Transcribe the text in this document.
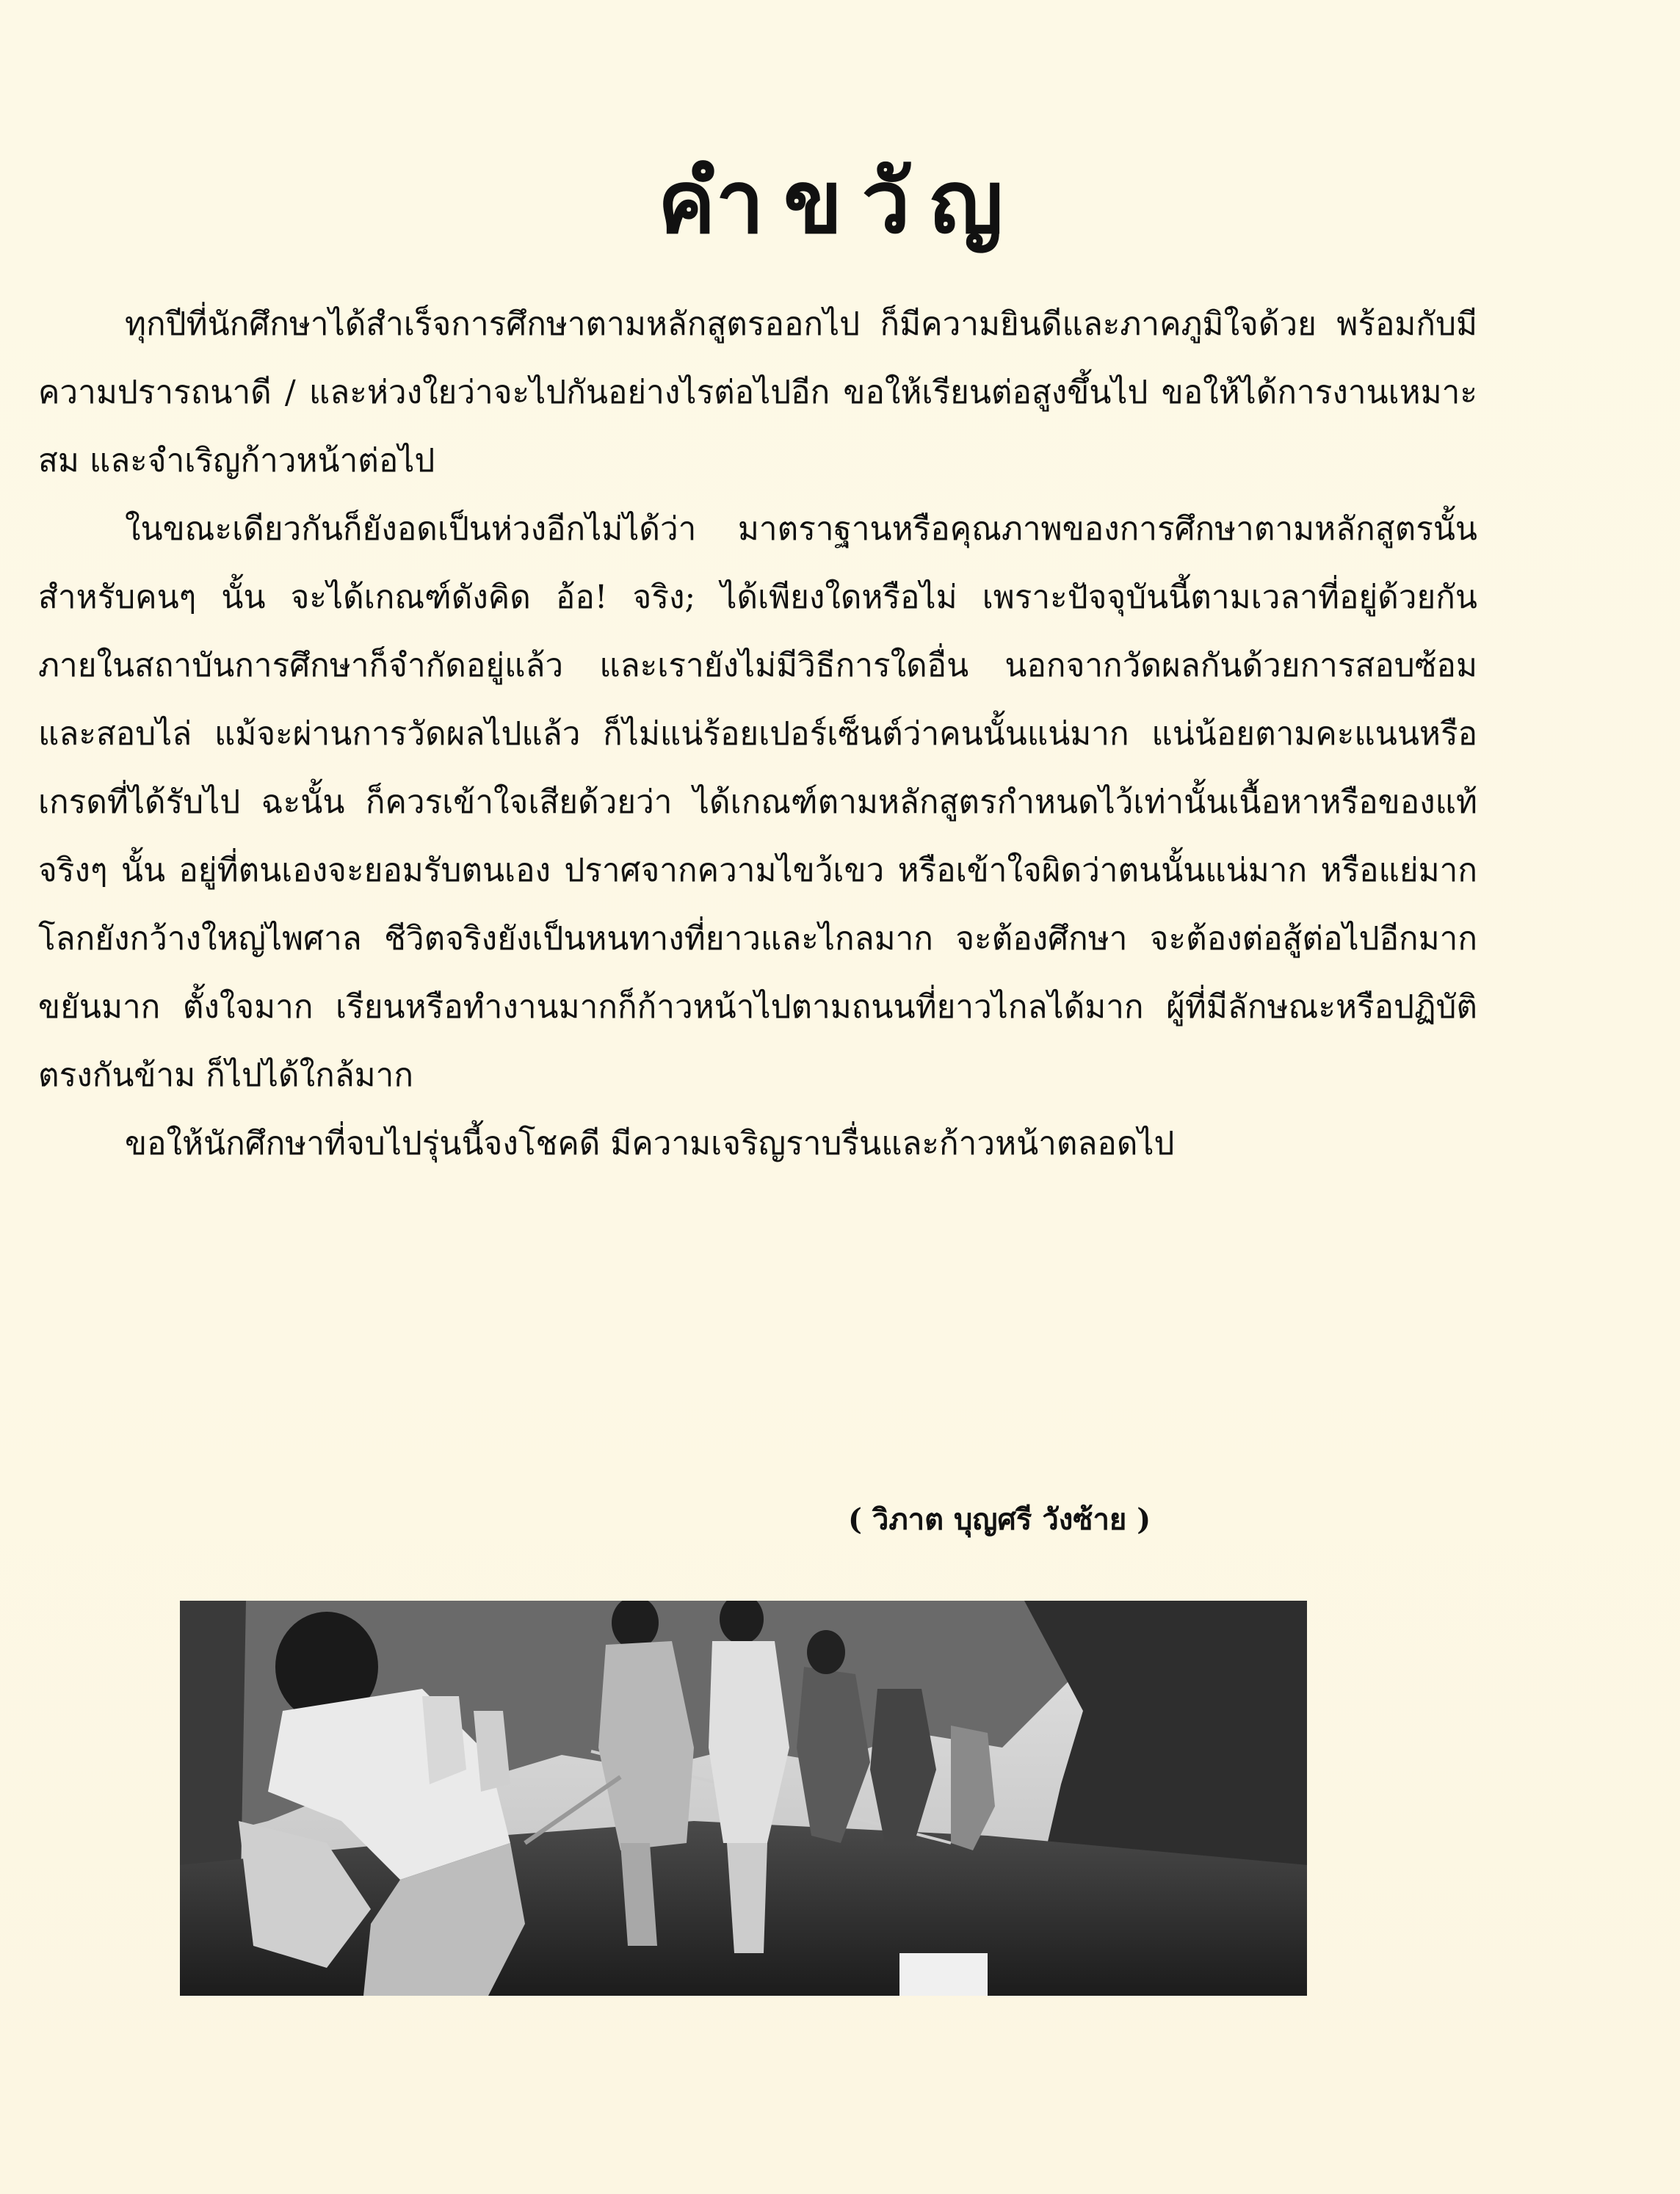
คำขวัญ

ทุกปีที่นักศึกษาได้สำเร็จการศึกษาตามหลักสูตรออกไป ก็มีความยินดีและภาคภูมิใจด้วย พร้อมกับมีความปรารถนาดี / และห่วงใยว่าจะไปกันอย่างไรต่อไปอีก ขอให้เรียนต่อสูงขึ้นไป ขอให้ได้การงานเหมาะสม และจำเริญก้าวหน้าต่อไป

ในขณะเดียวกันก็ยังอดเป็นห่วงอีกไม่ได้ว่า มาตราฐานหรือคุณภาพของการศึกษาตามหลักสูตรนั้น สำหรับคนๆ นั้น จะได้เกณฑ์ดังคิด อ้อ! จริง; ได้เพียงใดหรือไม่ เพราะปัจจุบันนี้ตามเวลาที่อยู่ด้วยกันภายในสถาบันการศึกษาก็จำกัดอยู่แล้ว และเรายังไม่มีวิธีการใดอื่น นอกจากวัดผลกันด้วยการสอบซ้อมและสอบไล่ แม้จะผ่านการวัดผลไปแล้ว ก็ไม่แน่ร้อยเปอร์เซ็นต์ว่าคนนั้นแน่มาก แน่น้อยตามคะแนนหรือเกรดที่ได้รับไป ฉะนั้น ก็ควรเข้าใจเสียด้วยว่า ได้เกณฑ์ตามหลักสูตรกำหนดไว้เท่านั้นเนื้อหาหรือของแท้จริงๆ นั้น อยู่ที่ตนเองจะยอมรับตนเอง ปราศจากความไขว้เขว หรือเข้าใจผิดว่าตนนั้นแน่มาก หรือแย่มาก โลกยังกว้างใหญ่ไพศาล ชีวิตจริงยังเป็นหนทางที่ยาวและไกลมาก จะต้องศึกษา จะต้องต่อสู้ต่อไปอีกมาก ขยันมาก ตั้งใจมาก เรียนหรือทำงานมากก็ก้าวหน้าไปตามถนนที่ยาวไกลได้มาก ผู้ที่มีลักษณะหรือปฏิบัติตรงกันข้าม ก็ไปได้ใกล้มาก

ขอให้นักศึกษาที่จบไปรุ่นนี้จงโชคดี มีความเจริญราบรื่นและก้าวหน้าตลอดไป

( วิภาต บุญศรี วังซ้าย )
